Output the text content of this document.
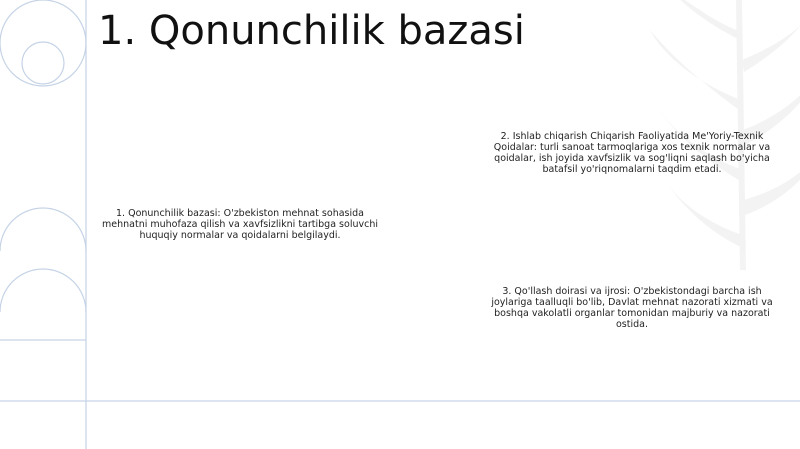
1. Qonunchilik bazasi

1. Qonunchilik bazasi: O'zbekiston mehnat sohasida mehnatni muhofaza qilish va xavfsizlikni tartibga soluvchi huquqiy normalar va qoidalarni belgilaydi.

2. Ishlab chiqarish Chiqarish Faoliyatida Me'Yoriy-Texnik Qoidalar: turli sanoat tarmoqlariga xos texnik normalar va qoidalar, ish joyida xavfsizlik va sog'liqni saqlash bo'yicha batafsil yo'riqnomalarni taqdim etadi.

3. Qo'llash doirasi va ijrosi: O'zbekistondagi barcha ish joylariga taalluqli bo'lib, Davlat mehnat nazorati xizmati va boshqa vakolatli organlar tomonidan majburiy va nazorati ostida.
